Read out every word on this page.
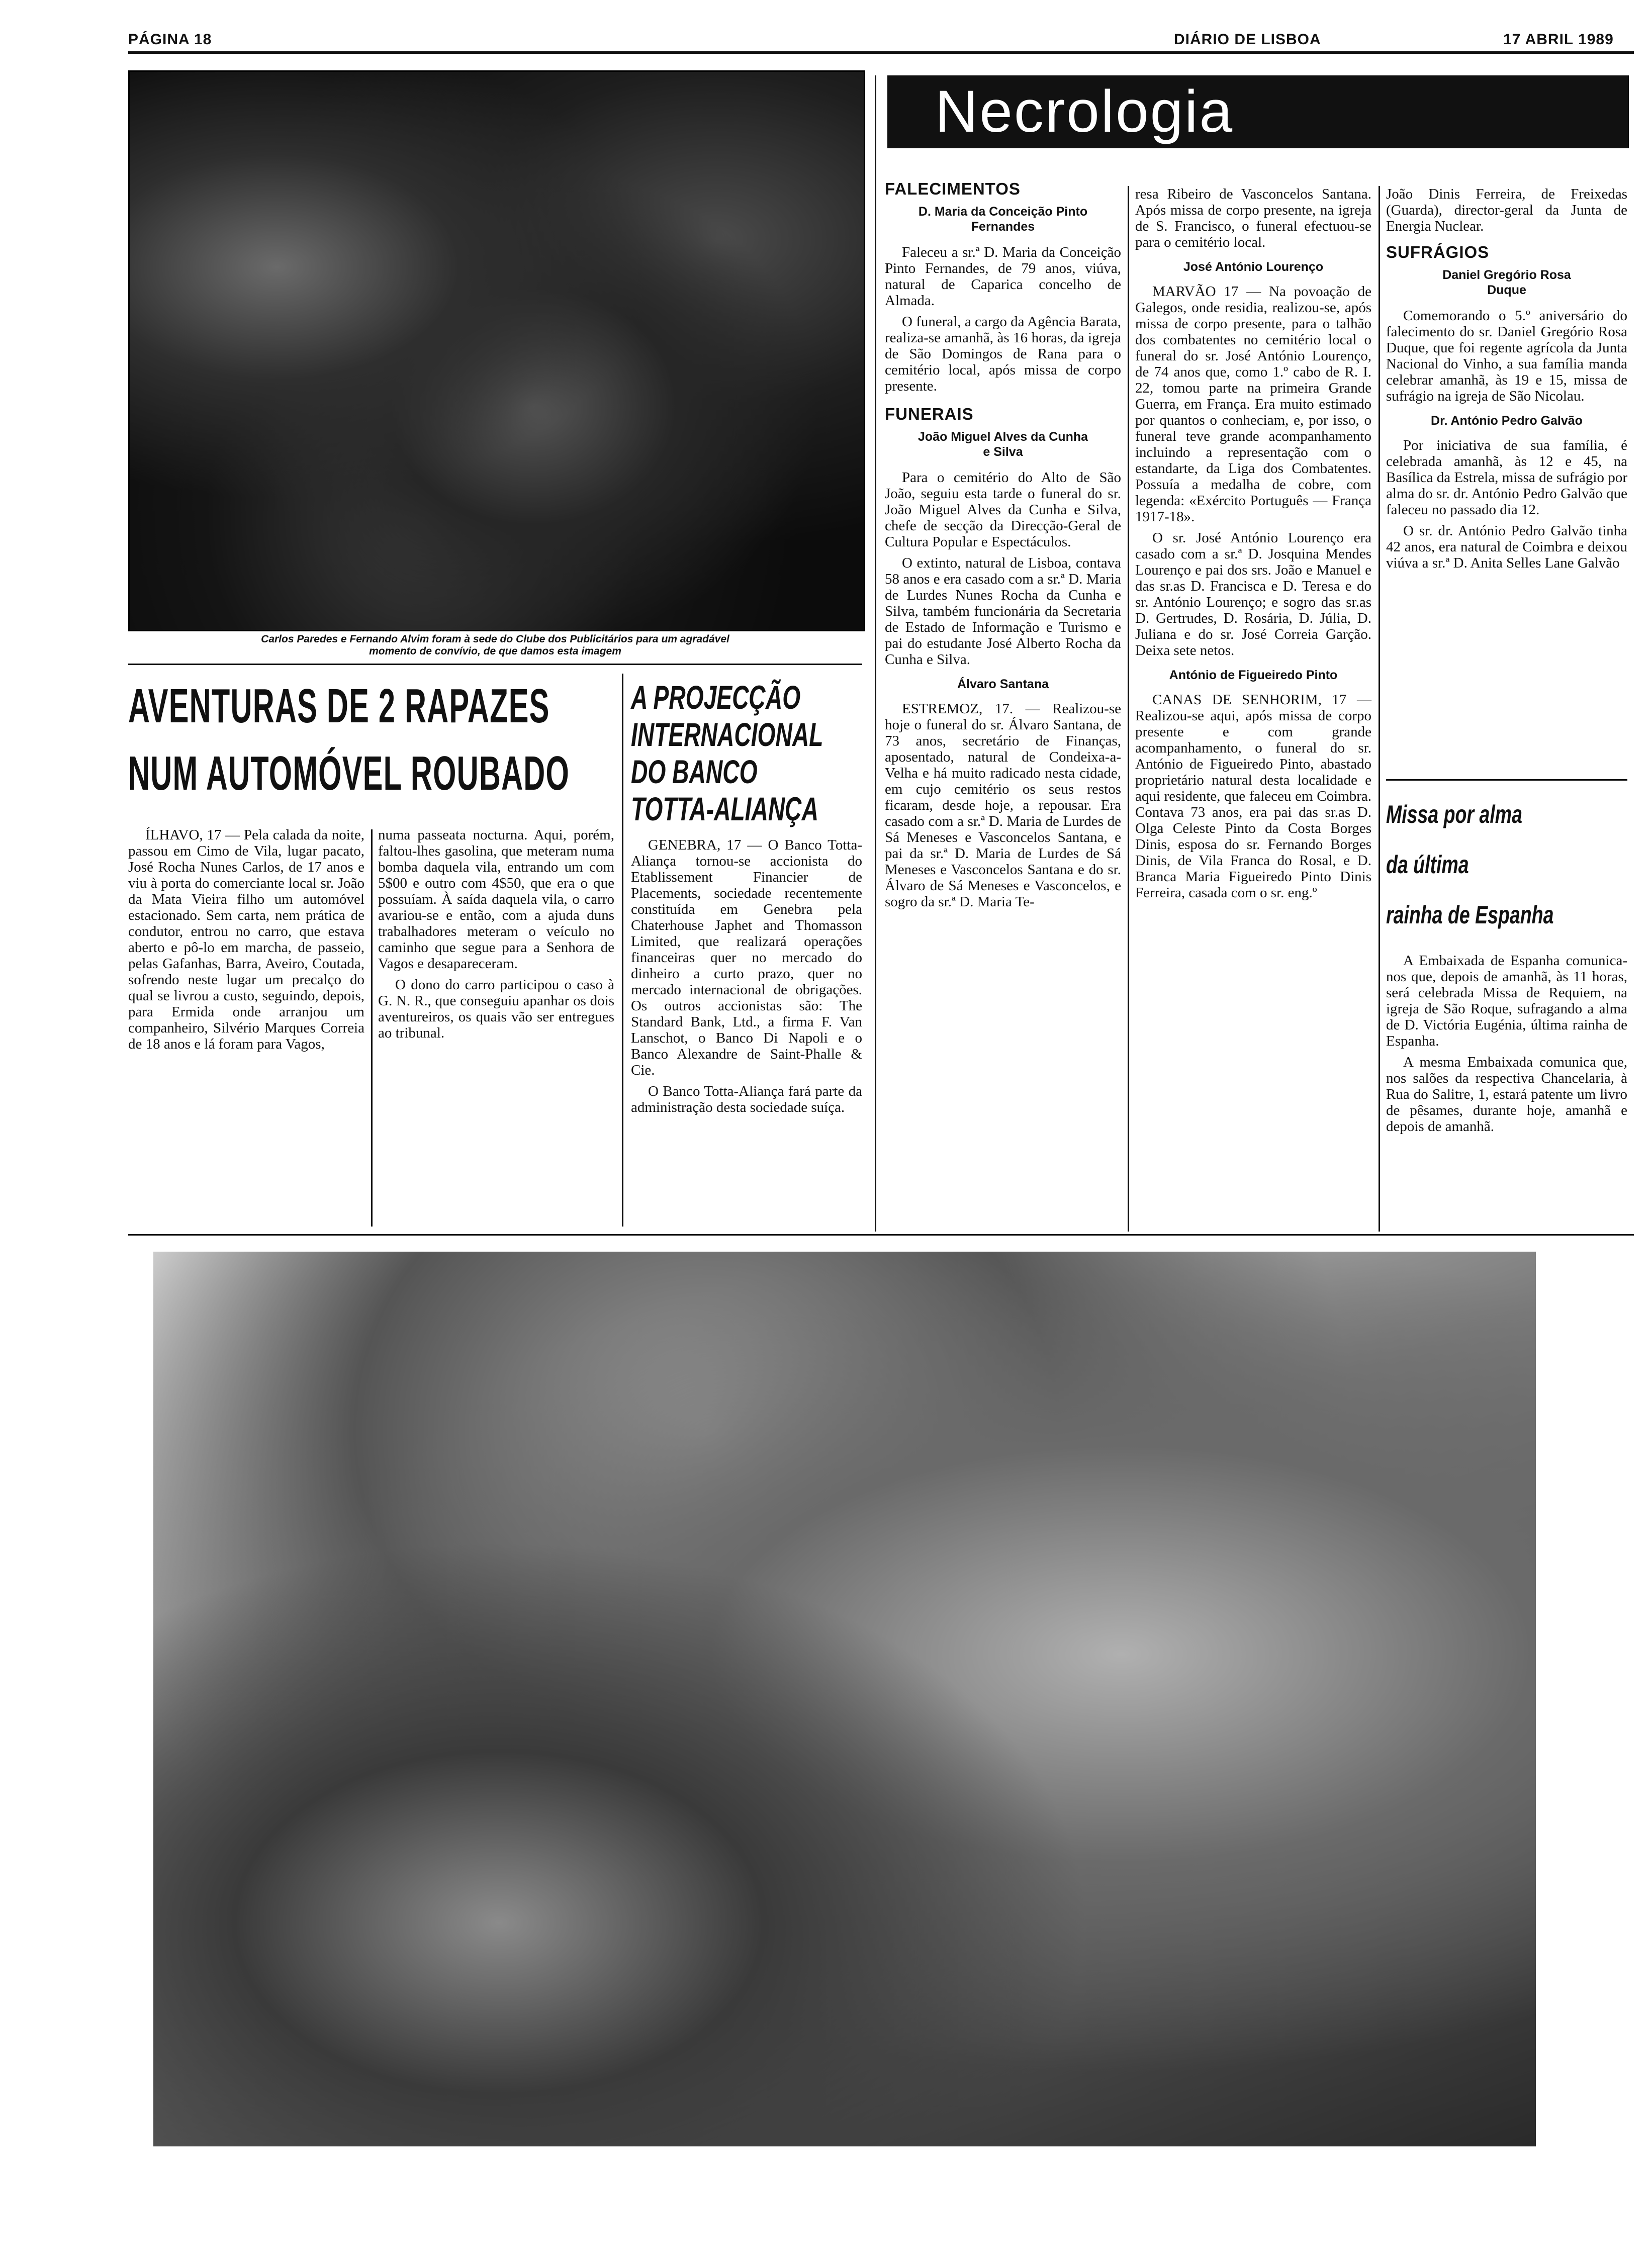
PÁGINA 18	DIÁRIO DE LISBOA	17 ABRIL 1989
Carlos Paredes e Fernando Alvim foram à sede do Clube dos Publicitários para um agradável
momento de convívio, de que damos esta imagem
AVENTURAS DE 2 RAPAZES
NUM AUTOMÓVEL ROUBADO

ÍLHAVO, 17 — Pela calada da noite, passou em Cimo de Vila, lugar pacato, José Rocha Nunes Carlos, de 17 anos e viu à porta do comerciante local sr. João da Mata Vieira filho um automóvel estacionado. Sem carta, nem prática de condutor, entrou no carro, que estava aberto e pô-lo em marcha, de passeio, pelas Gafanhas, Barra, Aveiro, Coutada, sofrendo neste lugar um precalço do qual se livrou a custo, seguindo, depois, para Ermida onde arranjou um companheiro, Silvério Marques Correia de 18 anos e lá foram para Vagos,

numa passeata nocturna. Aqui, porém, faltou-lhes gasolina, que meteram numa bomba daquela vila, entrando um com 5$00 e outro com 4$50, que era o que possuíam. À saída daquela vila, o carro avariou-se e então, com a ajuda duns trabalhadores meteram o veículo no caminho que segue para a Senhora de Vagos e desapareceram.

O dono do carro participou o caso à G. N. R., que conseguiu apanhar os dois aventureiros, os quais vão ser entregues ao tribunal.

A PROJECÇÃO
INTERNACIONAL
DO BANCO
TOTTA-ALIANÇA

GENEBRA, 17 — O Banco Totta-Aliança tornou-se accionista do Etablissement Financier de Placements, sociedade recentemente constituída em Genebra pela Chaterhouse Japhet and Thomasson Limited, que realizará operações financeiras quer no mercado do dinheiro a curto prazo, quer no mercado internacional de obrigações. Os outros accionistas são: The Standard Bank, Ltd., a firma F. Van Lanschot, o Banco Di Napoli e o Banco Alexandre de Saint-Phalle & Cie.

O Banco Totta-Aliança fará parte da administração desta sociedade suíça.

Necrologia
FALECIMENTOS
D. Maria da Conceição Pinto Fernandes

Faleceu a sr.ª D. Maria da Conceição Pinto Fernandes, de 79 anos, viúva, natural de Caparica concelho de Almada.

O funeral, a cargo da Agência Barata, realiza-se amanhã, às 16 horas, da igreja de São Domingos de Rana para o cemitério local, após missa de corpo presente.

FUNERAIS
João Miguel Alves da Cunha e Silva

Para o cemitério do Alto de São João, seguiu esta tarde o funeral do sr. João Miguel Alves da Cunha e Silva, chefe de secção da Direcção-Geral de Cultura Popular e Espectáculos.

O extinto, natural de Lisboa, contava 58 anos e era casado com a sr.ª D. Maria de Lurdes Nunes Rocha da Cunha e Silva, também funcionária da Secretaria de Estado de Informação e Turismo e pai do estudante José Alberto Rocha da Cunha e Silva.

Álvaro Santana

ESTREMOZ, 17. — Realizou-se hoje o funeral do sr. Álvaro Santana, de 73 anos, secretário de Finanças, aposentado, natural de Condeixa-a-Velha e há muito radicado nesta cidade, em cujo cemitério os seus restos ficaram, desde hoje, a repousar. Era casado com a sr.ª D. Maria de Lurdes de Sá Meneses e Vasconcelos Santana, e pai da sr.ª D. Maria de Lurdes de Sá Meneses e Vasconcelos Santana e do sr. Álvaro de Sá Meneses e Vasconcelos, e sogro da sr.ª D. Maria Te-

resa Ribeiro de Vasconcelos Santana. Após missa de corpo presente, na igreja de S. Francisco, o funeral efectuou-se para o cemitério local.

José António Lourenço

MARVÃO 17 — Na povoação de Galegos, onde residia, realizou-se, após missa de corpo presente, para o talhão dos combatentes no cemitério local o funeral do sr. José António Lourenço, de 74 anos que, como 1.º cabo de R. I. 22, tomou parte na primeira Grande Guerra, em França. Era muito estimado por quantos o conheciam, e, por isso, o funeral teve grande acompanhamento incluindo a representação com o estandarte, da Liga dos Combatentes. Possuía a medalha de cobre, com legenda: «Exército Português — França 1917-18».

O sr. José António Lourenço era casado com a sr.ª D. Josquina Mendes Lourenço e pai dos srs. João e Manuel e das sr.as D. Francisca e D. Teresa e do sr. António Lourenço; e sogro das sr.as D. Gertrudes, D. Rosária, D. Júlia, D. Juliana e do sr. José Correia Garção. Deixa sete netos.

António de Figueiredo Pinto

CANAS DE SENHORIM, 17 — Realizou-se aqui, após missa de corpo presente e com grande acompanhamento, o funeral do sr. António de Figueiredo Pinto, abastado proprietário natural desta localidade e aqui residente, que faleceu em Coimbra. Contava 73 anos, era pai das sr.as D. Olga Celeste Pinto da Costa Borges Dinis, esposa do sr. Fernando Borges Dinis, de Vila Franca do Rosal, e D. Branca Maria Figueiredo Pinto Dinis Ferreira, casada com o sr. eng.º

João Dinis Ferreira, de Freixedas (Guarda), director-geral da Junta de Energia Nuclear.

SUFRÁGIOS
Daniel Gregório Rosa Duque

Comemorando o 5.º aniversário do falecimento do sr. Daniel Gregório Rosa Duque, que foi regente agrícola da Junta Nacional do Vinho, a sua família manda celebrar amanhã, às 19 e 15, missa de sufrágio na igreja de São Nicolau.

Dr. António Pedro Galvão

Por iniciativa de sua família, é celebrada amanhã, às 12 e 45, na Basílica da Estrela, missa de sufrágio por alma do sr. dr. António Pedro Galvão que faleceu no passado dia 12.

O sr. dr. António Pedro Galvão tinha 42 anos, era natural de Coimbra e deixou viúva a sr.ª D. Anita Selles Lane Galvão

Missa por alma
da última
rainha de Espanha

A Embaixada de Espanha comunica-nos que, depois de amanhã, às 11 horas, será celebrada Missa de Requiem, na igreja de São Roque, sufragando a alma de D. Victória Eugénia, última rainha de Espanha.

A mesma Embaixada comunica que, nos salões da respectiva Chancelaria, à Rua do Salitre, 1, estará patente um livro de pêsames, durante hoje, amanhã e depois de amanhã.
